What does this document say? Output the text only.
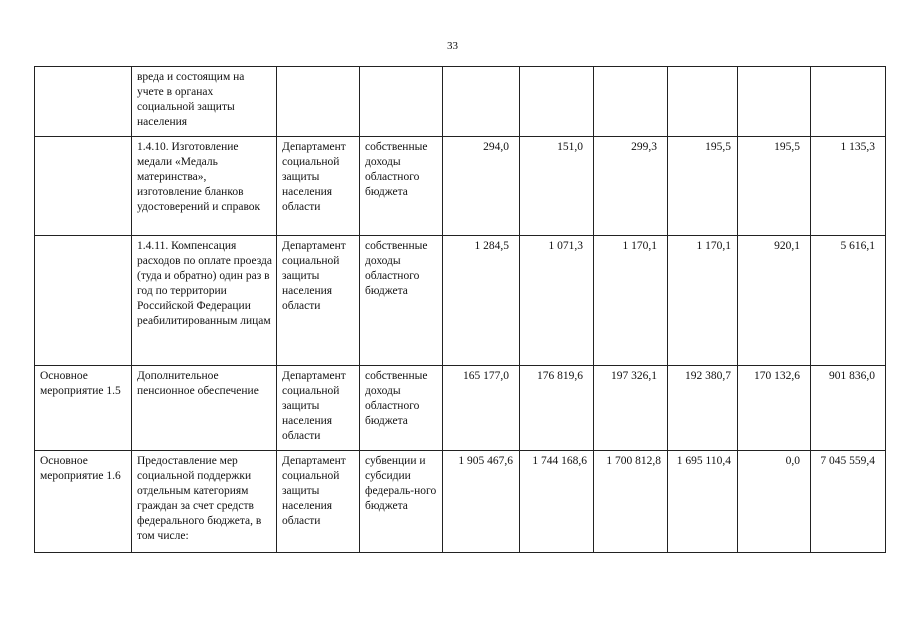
33
	вреда и состоящим на учете в органах социальной защиты населения								
	1.4.10. Изготовление медали «Медаль материнства», изготовление бланков удостоверений и справок	Департамент социальной защиты населения области	собственные доходы областного бюджета	294,0	151,0	299,3	195,5	195,5	1 135,3
	1.4.11. Компенсация расходов по оплате проезда (туда и обратно) один раз в год по территории Российской Федерации реабилитированным лицам	Департамент социальной защиты населения области	собственные доходы областного бюджета	1 284,5	1 071,3	1 170,1	1 170,1	920,1	5 616,1
Основное мероприятие 1.5	Дополнительное пенсионное обеспечение	Департамент социальной защиты населения области	собственные доходы областного бюджета	165 177,0	176 819,6	197 326,1	192 380,7	170 132,6	901 836,0
Основное мероприятие 1.6	Предоставление мер социальной поддержки отдельным категориям граждан за счет средств федерального бюджета, в том числе:	Департамент социальной защиты населения области	субвенции и субсидии федераль-ного бюджета	1 905 467,6	1 744 168,6	1 700 812,8	1 695 110,4	0,0	7 045 559,4
